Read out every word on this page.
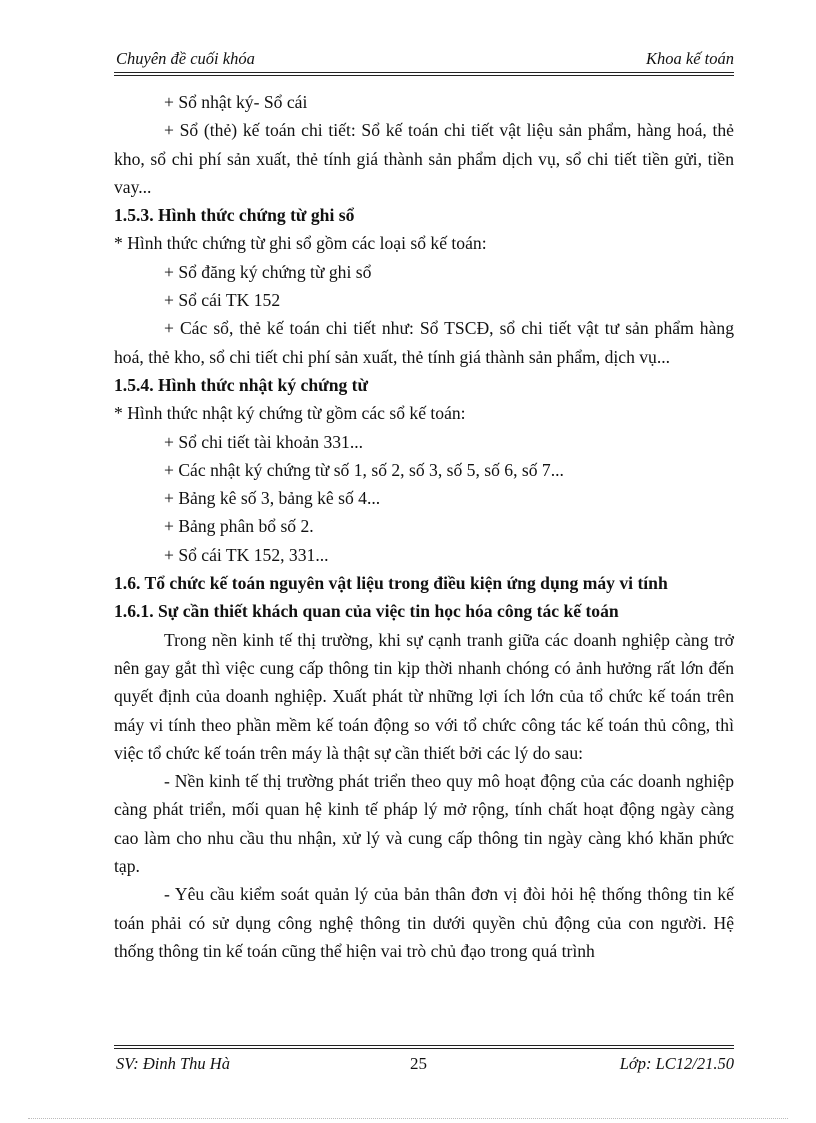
Chuyên đề cuối khóa	Khoa kế toán

+ Sổ nhật ký- Sổ cái

+ Sổ (thẻ) kế toán chi tiết: Sổ kế toán chi tiết vật liệu sản phẩm, hàng hoá, thẻ kho, sổ chi phí sản xuất, thẻ tính giá thành sản phẩm dịch vụ, sổ chi tiết tiền gửi, tiền vay...

1.5.3. Hình thức chứng từ ghi sổ

* Hình thức chứng từ ghi sổ gồm các loại sổ kế toán:

+ Sổ đăng ký chứng từ ghi sổ

+ Sổ cái TK 152

+ Các sổ, thẻ kế toán chi tiết như: Sổ TSCĐ, sổ chi tiết vật tư sản phẩm hàng hoá, thẻ kho, sổ chi tiết chi phí sản xuất, thẻ tính giá thành sản phẩm, dịch vụ...

1.5.4. Hình thức nhật ký chứng từ

* Hình thức nhật ký chứng từ gồm các sổ kế toán:

+ Sổ chi tiết tài khoản 331...

+ Các nhật ký chứng từ số 1, số 2, số 3, số 5, số 6, số 7...

+ Bảng kê số 3, bảng kê số 4...

+ Bảng phân bổ số 2.

+ Sổ cái TK 152, 331...

1.6. Tổ chức kế toán nguyên vật liệu trong điều kiện ứng dụng máy vi tính

1.6.1. Sự cần thiết khách quan của việc tin học hóa công tác kế toán

Trong nền kinh tế thị trường, khi sự cạnh tranh giữa các doanh nghiệp càng trở nên gay gắt thì việc cung cấp thông tin kịp thời nhanh chóng có ảnh hưởng rất lớn đến quyết định của doanh nghiệp. Xuất phát từ những lợi ích lớn của tổ chức kế toán trên máy vi tính theo phần mềm kế toán động so với tổ chức công tác kế toán thủ công, thì việc tổ chức kế toán trên máy là thật sự cần thiết bởi các lý do sau:

- Nền kinh tế thị trường phát triển theo quy mô hoạt động của các doanh nghiệp càng phát triển, mối quan hệ kinh tế pháp lý mở rộng, tính chất hoạt động ngày càng cao làm cho nhu cầu thu nhận, xử lý và cung cấp thông tin ngày càng khó khăn phức tạp.

- Yêu cầu kiểm soát quản lý của bản thân đơn vị đòi hỏi hệ thống thông tin kế toán phải có sử dụng công nghệ thông tin dưới quyền chủ động của con người. Hệ thống thông tin kế toán cũng thể hiện vai trò chủ đạo trong quá trình

SV: Đinh Thu Hà	25	Lớp: LC12/21.50
